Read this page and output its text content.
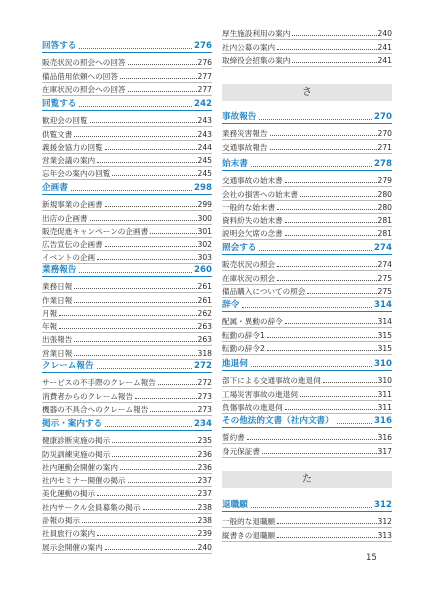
回答する	276
販売状況の照会への回答	276
備品借用依頼への回答	277
在庫状況の照会への回答	277
回覧する	242
歓迎会の回覧	243
供覧文書	243
義援金協力の回覧	244
営業会議の案内	245
忘年会の案内の回覧	245
企画書	298
新規事業の企画書	299
出店の企画書	300
販売促進キャンペーンの企画書	301
広告宣伝の企画書	302
イベントの企画	303
業務報告	260
業務日報	261
作業日報	261
月報	262
年報	263
出張報告	263
営業日報	318
クレーム報告	272
サービスの不手際のクレーム報告	272
消費者からのクレーム報告	273
機器の不具合へのクレーム報告	273
掲示・案内する	234
健康診断実施の掲示	235
防災訓練実施の掲示	236
社内運動会開催の案内	236
社内セミナー開催の掲示	237
美化運動の掲示	237
社内サークル会員募集の掲示	238
訃報の掲示	238
社員旅行の案内	239
展示会開催の案内	240
厚生施設利用の案内	240
社内公募の案内	241
取締役会招集の案内	241
事故報告	270
業務災害報告	270
交通事故報告	271
始末書	278
交通事故の始末書	279
会社の損害への始末書	280
一般的な始末書	280
資料紛失の始末書	281
説明会欠席の念書	281
照会する	274
販売状況の照会	274
在庫状況の照会	275
備品購入についての照会	275
辞令	314
配属・異動の辞令	314
転勤の辞令1	315
転勤の辞令2	315
進退伺	310
部下による交通事故の進退伺	310
工場災害事故の進退伺	311
負傷事故の進退伺	311
その他法的文書（社内文書）	316
誓約書	316
身元保証書	317
退職願	312
一般的な退職願	312
縦書きの退職願	313
さ
た
15
